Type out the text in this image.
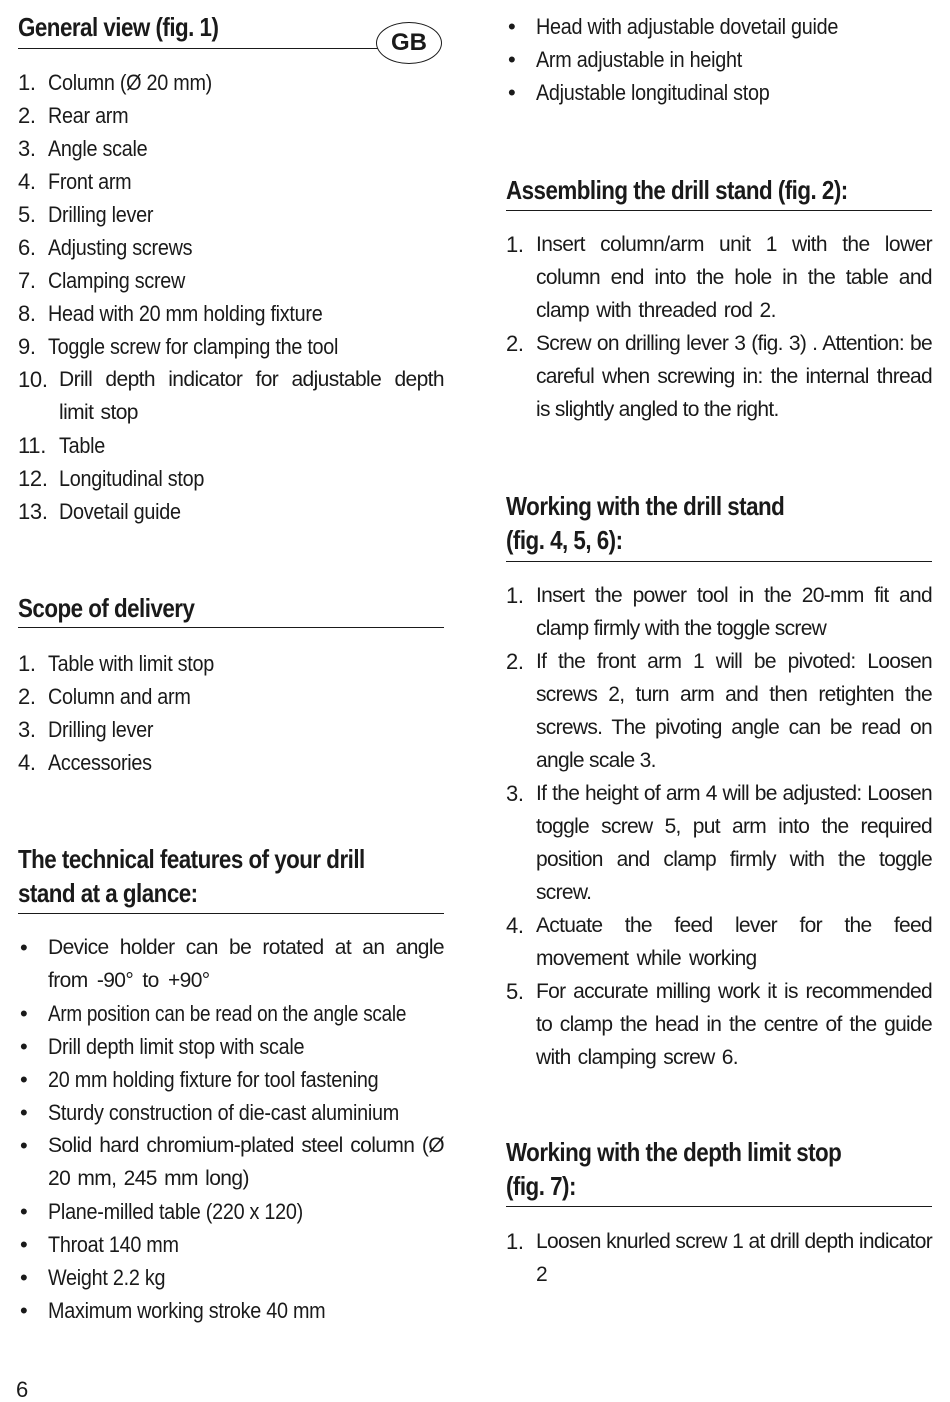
General view (fig. 1)
1. Column (Ø 20 mm)
2. Rear arm
3. Angle scale
4. Front arm
5. Drilling lever
6. Adjusting screws
7. Clamping screw
8. Head with 20 mm holding fixture
9. Toggle screw for clamping the tool
10. Drill depth indicator for adjustable depth limit stop
11. Table
12. Longitudinal stop
13. Dovetail guide
Scope of delivery
1. Table with limit stop
2. Column and arm
3. Drilling lever
4. Accessories
The technical features of your drill
stand at a glance:
• Device holder can be rotated at an angle from -90° to +90°
• Arm position can be read on the angle scale
• Drill depth limit stop with scale
• 20 mm holding fixture for tool fastening
• Sturdy construction of die-cast aluminium
• Solid hard chromium-plated steel column (Ø 20 mm, 245 mm long)
• Plane-milled table (220 x 120)
• Throat 140 mm
• Weight 2.2 kg
• Maximum working stroke 40 mm
GB
• Head with adjustable dovetail guide
• Arm adjustable in height
• Adjustable longitudinal stop
Assembling the drill stand (fig. 2):
1. Insert column/arm unit 1 with the lower column end into the hole in the table and clamp with threaded rod 2.
2. Screw on drilling lever 3 (fig. 3) . Attention: be careful when screwing in: the internal thread is slightly angled to the right.
Working with the drill stand
(fig. 4, 5, 6):
1. Insert the power tool in the 20-mm fit and clamp firmly with the toggle screw
2. If the front arm 1 will be pivoted: Loosen screws 2, turn arm and then retighten the screws. The pivoting angle can be read on angle scale 3.
3. If the height of arm 4 will be adjusted: Loosen toggle screw 5, put arm into the required position and clamp firmly with the toggle screw.
4. Actuate the feed lever for the feed movement while working
5. For accurate milling work it is recommended to clamp the head in the centre of the guide with clamping screw 6.
Working with the depth limit stop
(fig. 7):
1. Loosen knurled screw 1 at drill depth indicator 2
6
